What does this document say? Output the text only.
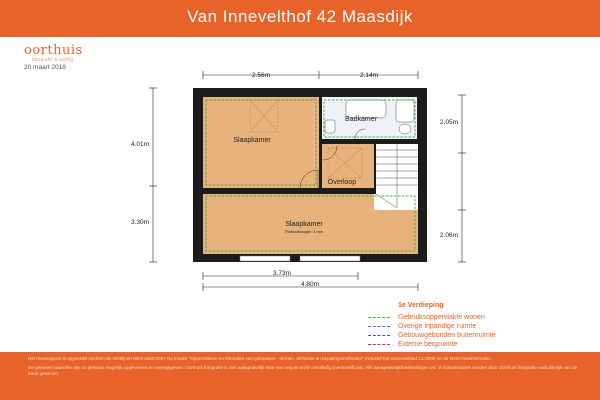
Van Innevelthof 42 Maasdijk
oorthuis
fotografie & styling
20 maart 2018
2.56m	2.14m
4.01m
3.30m
2.05m
2.06m
3.73m
4.80m
Slaapkamer
Badkamer
Overloop
Slaapkamer
Plafondhoogte: 2 mm
1e Verdieping
Gebruiksoppervlakte wonen
Overige inpandige ruimte
Gebouwgebonden buitenruimte
Externe bergruimte

Het meetrapport is opgesteld conform de richtlijnen NEN 2580:2007 NL inzake "Oppervlakten en inhouden van gebouwen - termen, definities en bepalingsmethoden" inclusief het correctieblad C1:2008 en de NVM meetinstructie.

De gemeten waarden zijn zo getrouw mogelijk opgenomen en weergegeven. Oorthuis fotografie is niet aansprakelijk voor een onjuist en/of onvolledig meetcertificaat. Alle aansprakelijkheidstellingen en/ of schadeclaims worden door Oorthuis fotografie nadrukkelijk van de hand gewezen.
